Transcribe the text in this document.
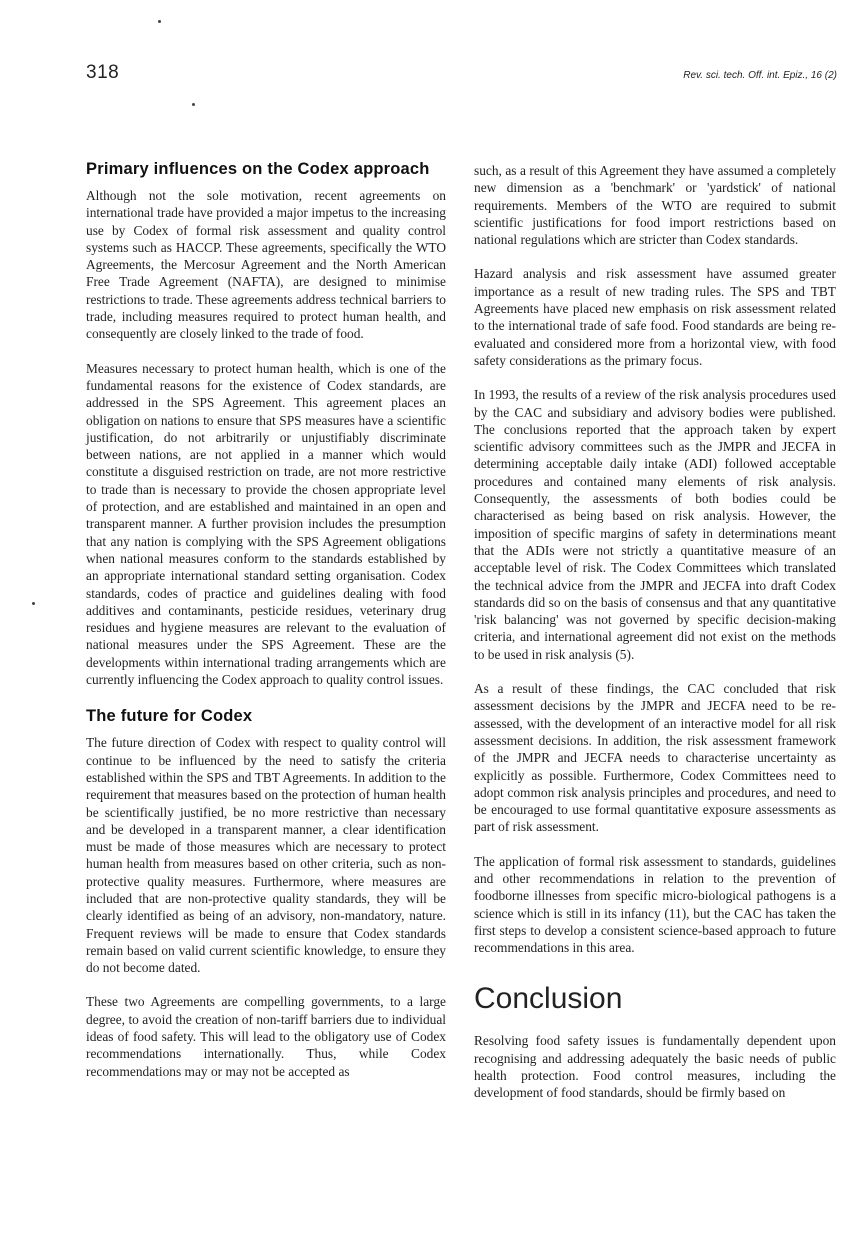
318	Rev. sci. tech. Off. int. Epiz., 16 (2)
Primary influences on the Codex approach

Although not the sole motivation, recent agreements on international trade have provided a major impetus to the increasing use by Codex of formal risk assessment and quality control systems such as HACCP. These agreements, specifically the WTO Agreements, the Mercosur Agreement and the North American Free Trade Agreement (NAFTA), are designed to minimise restrictions to trade. These agreements address technical barriers to trade, including measures required to protect human health, and consequently are closely linked to the trade of food.

Measures necessary to protect human health, which is one of the fundamental reasons for the existence of Codex standards, are addressed in the SPS Agreement. This agreement places an obligation on nations to ensure that SPS measures have a scientific justification, do not arbitrarily or unjustifiably discriminate between nations, are not applied in a manner which would constitute a disguised restriction on trade, are not more restrictive to trade than is necessary to provide the chosen appropriate level of protection, and are established and maintained in an open and transparent manner. A further provision includes the presumption that any nation is complying with the SPS Agreement obligations when national measures conform to the standards established by an appropriate international standard setting organisation. Codex standards, codes of practice and guidelines dealing with food additives and contaminants, pesticide residues, veterinary drug residues and hygiene measures are relevant to the evaluation of national measures under the SPS Agreement. These are the developments within international trading arrangements which are currently influencing the Codex approach to quality control issues.

The future for Codex

The future direction of Codex with respect to quality control will continue to be influenced by the need to satisfy the criteria established within the SPS and TBT Agreements. In addition to the requirement that measures based on the protection of human health be scientifically justified, be no more restrictive than necessary and be developed in a transparent manner, a clear identification must be made of those measures which are necessary to protect human health from measures based on other criteria, such as non-protective quality measures. Furthermore, where measures are included that are non-protective quality standards, they will be clearly identified as being of an advisory, non-mandatory, nature. Frequent reviews will be made to ensure that Codex standards remain based on valid current scientific knowledge, to ensure they do not become dated.

These two Agreements are compelling governments, to a large degree, to avoid the creation of non-tariff barriers due to individual ideas of food safety. This will lead to the obligatory use of Codex recommendations internationally. Thus, while Codex recommendations may or may not be accepted as

such, as a result of this Agreement they have assumed a completely new dimension as a 'benchmark' or 'yardstick' of national requirements. Members of the WTO are required to submit scientific justifications for food import restrictions based on national regulations which are stricter than Codex standards.

Hazard analysis and risk assessment have assumed greater importance as a result of new trading rules. The SPS and TBT Agreements have placed new emphasis on risk assessment related to the international trade of safe food. Food standards are being re-evaluated and considered more from a horizontal view, with food safety considerations as the primary focus.

In 1993, the results of a review of the risk analysis procedures used by the CAC and subsidiary and advisory bodies were published. The conclusions reported that the approach taken by expert scientific advisory committees such as the JMPR and JECFA in determining acceptable daily intake (ADI) followed acceptable procedures and contained many elements of risk analysis. Consequently, the assessments of both bodies could be characterised as being based on risk analysis. However, the imposition of specific margins of safety in determinations meant that the ADIs were not strictly a quantitative measure of an acceptable level of risk. The Codex Committees which translated the technical advice from the JMPR and JECFA into draft Codex standards did so on the basis of consensus and that any quantitative 'risk balancing' was not governed by specific decision-making criteria, and international agreement did not exist on the methods to be used in risk analysis (5).

As a result of these findings, the CAC concluded that risk assessment decisions by the JMPR and JECFA need to be re-assessed, with the development of an interactive model for all risk assessment decisions. In addition, the risk assessment framework of the JMPR and JECFA needs to characterise uncertainty as explicitly as possible. Furthermore, Codex Committees need to adopt common risk analysis principles and procedures, and need to be encouraged to use formal quantitative exposure assessments as part of risk assessment.

The application of formal risk assessment to standards, guidelines and other recommendations in relation to the prevention of foodborne illnesses from specific micro-biological pathogens is a science which is still in its infancy (11), but the CAC has taken the first steps to develop a consistent science-based approach to future recommendations in this area.

Conclusion

Resolving food safety issues is fundamentally dependent upon recognising and addressing adequately the basic needs of public health protection. Food control measures, including the development of food standards, should be firmly based on
